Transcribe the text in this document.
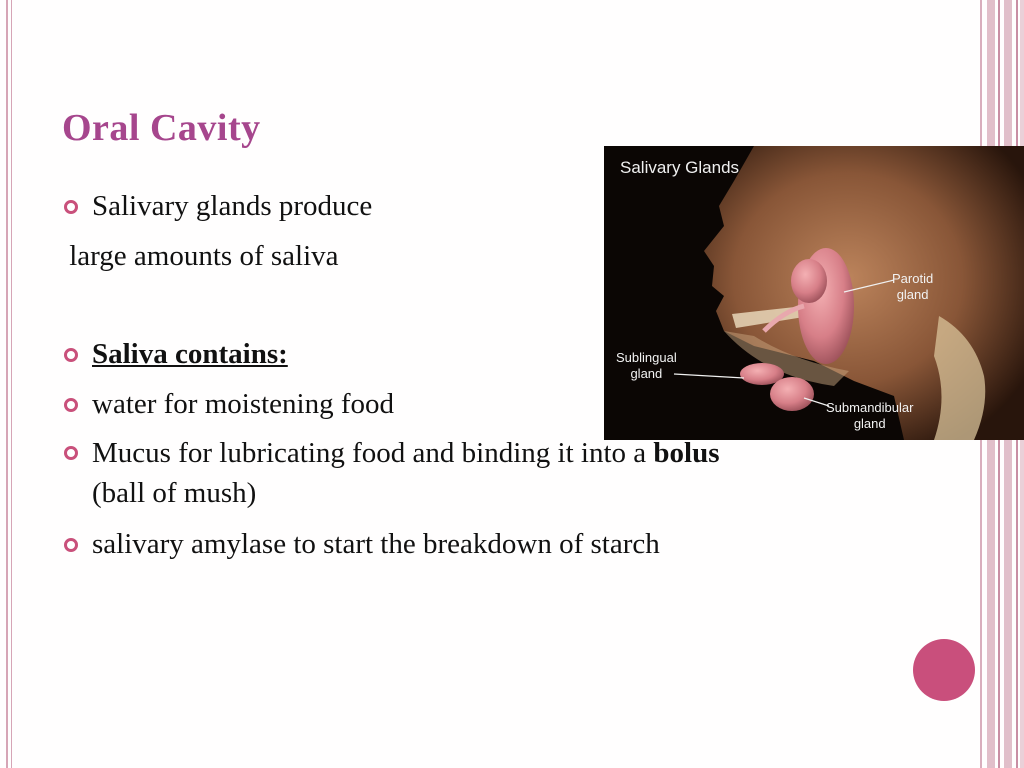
Oral Cavity
Salivary glands produce
large amounts of saliva
Saliva contains:
water for moistening food
Mucus for lubricating food and binding it into a bolus
(ball of mush)
salivary amylase to start the breakdown of starch
Salivary Glands
Parotid
gland
Sublingual
gland
Submandibular
gland
